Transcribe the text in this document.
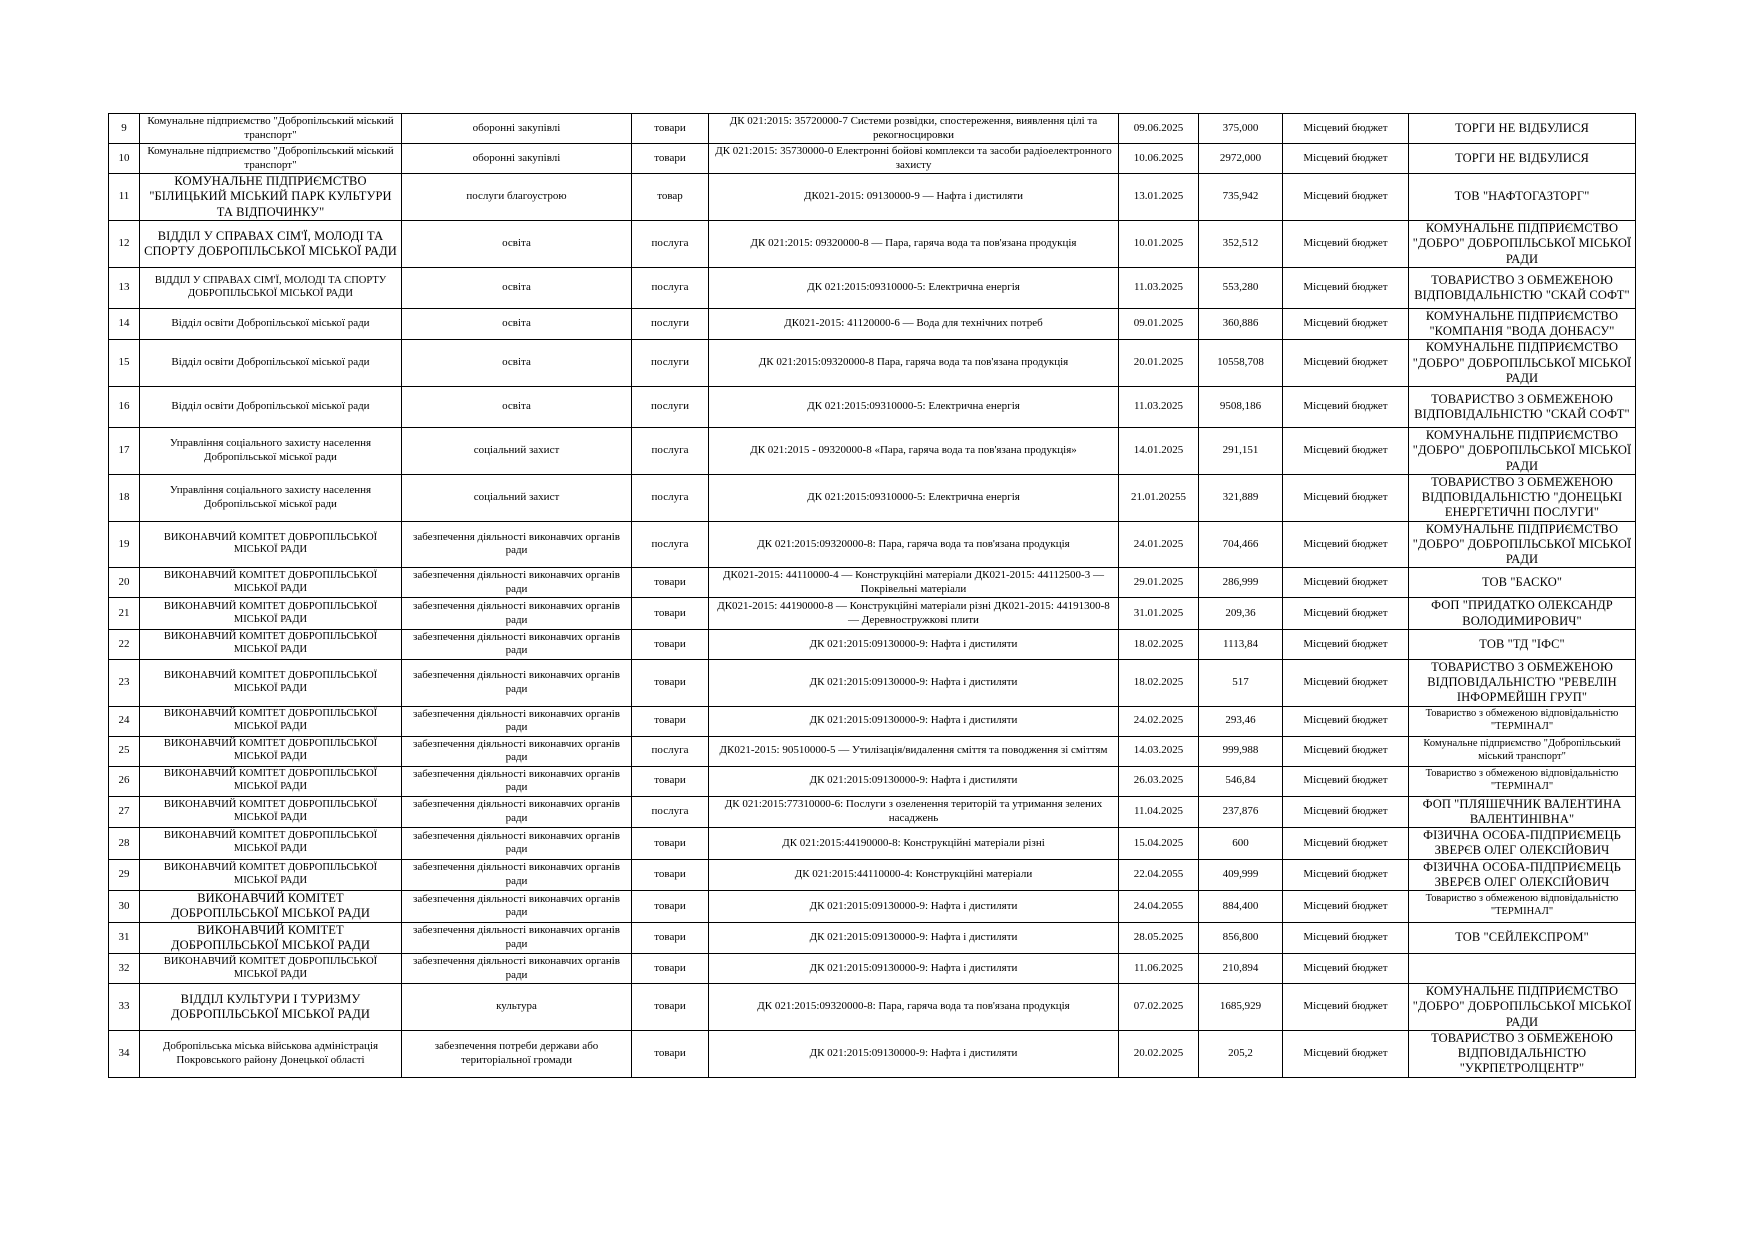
9	Комунальне підприємство "Добропільський міський транспорт"	оборонні закупівлі	товари	ДК 021:2015: 35720000-7 Системи розвідки, спостереження, виявлення цілі та рекогносцировки	09.06.2025	375,000	Місцевий бюджет	ТОРГИ НЕ ВІДБУЛИСЯ
10	Комунальне підприємство "Добропільський міський транспорт"	оборонні закупівлі	товари	ДК 021:2015: 35730000-0 Електронні бойові комплекси та засоби радіоелектронного захисту	10.06.2025	2972,000	Місцевий бюджет	ТОРГИ НЕ ВІДБУЛИСЯ
11	КОМУНАЛЬНЕ ПІДПРИЄМСТВО "БІЛИЦЬКИЙ МІСЬКИЙ ПАРК КУЛЬТУРИ ТА ВІДПОЧИНКУ"	послуги благоустрою	товар	ДК021-2015: 09130000-9 — Нафта і дистиляти	13.01.2025	735,942	Місцевий бюджет	ТОВ "НАФТОГАЗТОРГ"
12	ВІДДІЛ У СПРАВАХ СІМ'Ї, МОЛОДІ ТА СПОРТУ ДОБРОПІЛЬСЬКОЇ МІСЬКОЇ РАДИ	освіта	послуга	ДК 021:2015: 09320000-8 — Пара, гаряча вода та пов'язана продукція	10.01.2025	352,512	Місцевий бюджет	КОМУНАЛЬНЕ ПІДПРИЄМСТВО "ДОБРО" ДОБРОПІЛЬСЬКОЇ МІСЬКОЇ РАДИ
13	ВІДДІЛ У СПРАВАХ СІМ'Ї, МОЛОДІ ТА СПОРТУ ДОБРОПІЛЬСЬКОЇ МІСЬКОЇ РАДИ	освіта	послуга	ДК 021:2015:09310000-5: Електрична енергія	11.03.2025	553,280	Місцевий бюджет	ТОВАРИСТВО З ОБМЕЖЕНОЮ ВІДПОВІДАЛЬНІСТЮ "СКАЙ СОФТ"
14	Відділ освіти Добропільської міської ради	освіта	послуги	ДК021-2015: 41120000-6 — Вода для технічних потреб	09.01.2025	360,886	Місцевий бюджет	КОМУНАЛЬНЕ ПІДПРИЄМСТВО "КОМПАНІЯ "ВОДА ДОНБАСУ"
15	Відділ освіти Добропільської міської ради	освіта	послуги	ДК 021:2015:09320000-8 Пара, гаряча вода та пов'язана продукція	20.01.2025	10558,708	Місцевий бюджет	КОМУНАЛЬНЕ ПІДПРИЄМСТВО "ДОБРО" ДОБРОПІЛЬСЬКОЇ МІСЬКОЇ РАДИ
16	Відділ освіти Добропільської міської ради	освіта	послуги	ДК 021:2015:09310000-5: Електрична енергія	11.03.2025	9508,186	Місцевий бюджет	ТОВАРИСТВО З ОБМЕЖЕНОЮ ВІДПОВІДАЛЬНІСТЮ "СКАЙ СОФТ"
17	Управління соціального захисту населення Добропільської міської ради	соціальний захист	послуга	ДК 021:2015 - 09320000-8 «Пара, гаряча вода та пов'язана продукція»	14.01.2025	291,151	Місцевий бюджет	КОМУНАЛЬНЕ ПІДПРИЄМСТВО "ДОБРО" ДОБРОПІЛЬСЬКОЇ МІСЬКОЇ РАДИ
18	Управління соціального захисту населення Добропільської міської ради	соціальний захист	послуга	ДК 021:2015:09310000-5: Електрична енергія	21.01.20255	321,889	Місцевий бюджет	ТОВАРИСТВО З ОБМЕЖЕНОЮ ВІДПОВІДАЛЬНІСТЮ "ДОНЕЦЬКІ ЕНЕРГЕТИЧНІ ПОСЛУГИ"
19	ВИКОНАВЧИЙ КОМІТЕТ ДОБРОПІЛЬСЬКОЇ МІСЬКОЇ РАДИ	забезпечення діяльності виконавчих органів ради	послуга	ДК 021:2015:09320000-8: Пара, гаряча вода та пов'язана продукція	24.01.2025	704,466	Місцевий бюджет	КОМУНАЛЬНЕ ПІДПРИЄМСТВО "ДОБРО" ДОБРОПІЛЬСЬКОЇ МІСЬКОЇ РАДИ
20	ВИКОНАВЧИЙ КОМІТЕТ ДОБРОПІЛЬСЬКОЇ МІСЬКОЇ РАДИ	забезпечення діяльності виконавчих органів ради	товари	ДК021-2015: 44110000-4 — Конструкційні матеріали ДК021-2015: 44112500-3 — Покрівельні матеріали	29.01.2025	286,999	Місцевий бюджет	ТОВ "БАСКО"
21	ВИКОНАВЧИЙ КОМІТЕТ ДОБРОПІЛЬСЬКОЇ МІСЬКОЇ РАДИ	забезпечення діяльності виконавчих органів ради	товари	ДК021-2015: 44190000-8 — Конструкційні матеріали різні ДК021-2015: 44191300-8 — Деревностружкові плити	31.01.2025	209,36	Місцевий бюджет	ФОП "ПРИДАТКО ОЛЕКСАНДР ВОЛОДИМИРОВИЧ"
22	ВИКОНАВЧИЙ КОМІТЕТ ДОБРОПІЛЬСЬКОЇ МІСЬКОЇ РАДИ	забезпечення діяльності виконавчих органів ради	товари	ДК 021:2015:09130000-9: Нафта і дистиляти	18.02.2025	1113,84	Місцевий бюджет	ТОВ "ТД "ІФС"
23	ВИКОНАВЧИЙ КОМІТЕТ ДОБРОПІЛЬСЬКОЇ МІСЬКОЇ РАДИ	забезпечення діяльності виконавчих органів ради	товари	ДК 021:2015:09130000-9: Нафта і дистиляти	18.02.2025	517	Місцевий бюджет	ТОВАРИСТВО З ОБМЕЖЕНОЮ ВІДПОВІДАЛЬНІСТЮ "РЕВЕЛІН ІНФОРМЕЙШН ГРУП"
24	ВИКОНАВЧИЙ КОМІТЕТ ДОБРОПІЛЬСЬКОЇ МІСЬКОЇ РАДИ	забезпечення діяльності виконавчих органів ради	товари	ДК 021:2015:09130000-9: Нафта і дистиляти	24.02.2025	293,46	Місцевий бюджет	Товариство з обмеженою відповідальністю "ТЕРМІНАЛ"
25	ВИКОНАВЧИЙ КОМІТЕТ ДОБРОПІЛЬСЬКОЇ МІСЬКОЇ РАДИ	забезпечення діяльності виконавчих органів ради	послуга	ДК021-2015: 90510000-5 — Утилізація/видалення сміття та поводження зі сміттям	14.03.2025	999,988	Місцевий бюджет	Комунальне підприємство "Добропільський міський транспорт"
26	ВИКОНАВЧИЙ КОМІТЕТ ДОБРОПІЛЬСЬКОЇ МІСЬКОЇ РАДИ	забезпечення діяльності виконавчих органів ради	товари	ДК 021:2015:09130000-9: Нафта і дистиляти	26.03.2025	546,84	Місцевий бюджет	Товариство з обмеженою відповідальністю "ТЕРМІНАЛ"
27	ВИКОНАВЧИЙ КОМІТЕТ ДОБРОПІЛЬСЬКОЇ МІСЬКОЇ РАДИ	забезпечення діяльності виконавчих органів ради	послуга	ДК 021:2015:77310000-6: Послуги з озеленення територій та утримання зелених насаджень	11.04.2025	237,876	Місцевий бюджет	ФОП "ПЛЯШЕЧНИК ВАЛЕНТИНА ВАЛЕНТИНІВНА"
28	ВИКОНАВЧИЙ КОМІТЕТ ДОБРОПІЛЬСЬКОЇ МІСЬКОЇ РАДИ	забезпечення діяльності виконавчих органів ради	товари	ДК 021:2015:44190000-8: Конструкційні матеріали різні	15.04.2025	600	Місцевий бюджет	ФІЗИЧНА ОСОБА-ПІДПРИЄМЕЦЬ ЗВЕРЄВ ОЛЕГ ОЛЕКСІЙОВИЧ
29	ВИКОНАВЧИЙ КОМІТЕТ ДОБРОПІЛЬСЬКОЇ МІСЬКОЇ РАДИ	забезпечення діяльності виконавчих органів ради	товари	ДК 021:2015:44110000-4: Конструкційні матеріали	22.04.2055	409,999	Місцевий бюджет	ФІЗИЧНА ОСОБА-ПІДПРИЄМЕЦЬ ЗВЕРЄВ ОЛЕГ ОЛЕКСІЙОВИЧ
30	ВИКОНАВЧИЙ КОМІТЕТ ДОБРОПІЛЬСЬКОЇ МІСЬКОЇ РАДИ	забезпечення діяльності виконавчих органів ради	товари	ДК 021:2015:09130000-9: Нафта і дистиляти	24.04.2055	884,400	Місцевий бюджет	Товариство з обмеженою відповідальністю "ТЕРМІНАЛ"
31	ВИКОНАВЧИЙ КОМІТЕТ ДОБРОПІЛЬСЬКОЇ МІСЬКОЇ РАДИ	забезпечення діяльності виконавчих органів ради	товари	ДК 021:2015:09130000-9: Нафта і дистиляти	28.05.2025	856,800	Місцевий бюджет	ТОВ "СЕЙЛЕКСПРОМ"
32	ВИКОНАВЧИЙ КОМІТЕТ ДОБРОПІЛЬСЬКОЇ МІСЬКОЇ РАДИ	забезпечення діяльності виконавчих органів ради	товари	ДК 021:2015:09130000-9: Нафта і дистиляти	11.06.2025	210,894	Місцевий бюджет	
33	ВІДДІЛ КУЛЬТУРИ І ТУРИЗМУ ДОБРОПІЛЬСЬКОЇ МІСЬКОЇ РАДИ	культура	товари	ДК 021:2015:09320000-8: Пара, гаряча вода та пов'язана продукція	07.02.2025	1685,929	Місцевий бюджет	КОМУНАЛЬНЕ ПІДПРИЄМСТВО "ДОБРО" ДОБРОПІЛЬСЬКОЇ МІСЬКОЇ РАДИ
34	Добропільська міська військова адміністрація Покровського району Донецької області	забезпечення потреби держави або територіальної громади	товари	ДК 021:2015:09130000-9: Нафта і дистиляти	20.02.2025	205,2	Місцевий бюджет	ТОВАРИСТВО З ОБМЕЖЕНОЮ ВІДПОВІДАЛЬНІСТЮ "УКРПЕТРОЛЦЕНТР"
